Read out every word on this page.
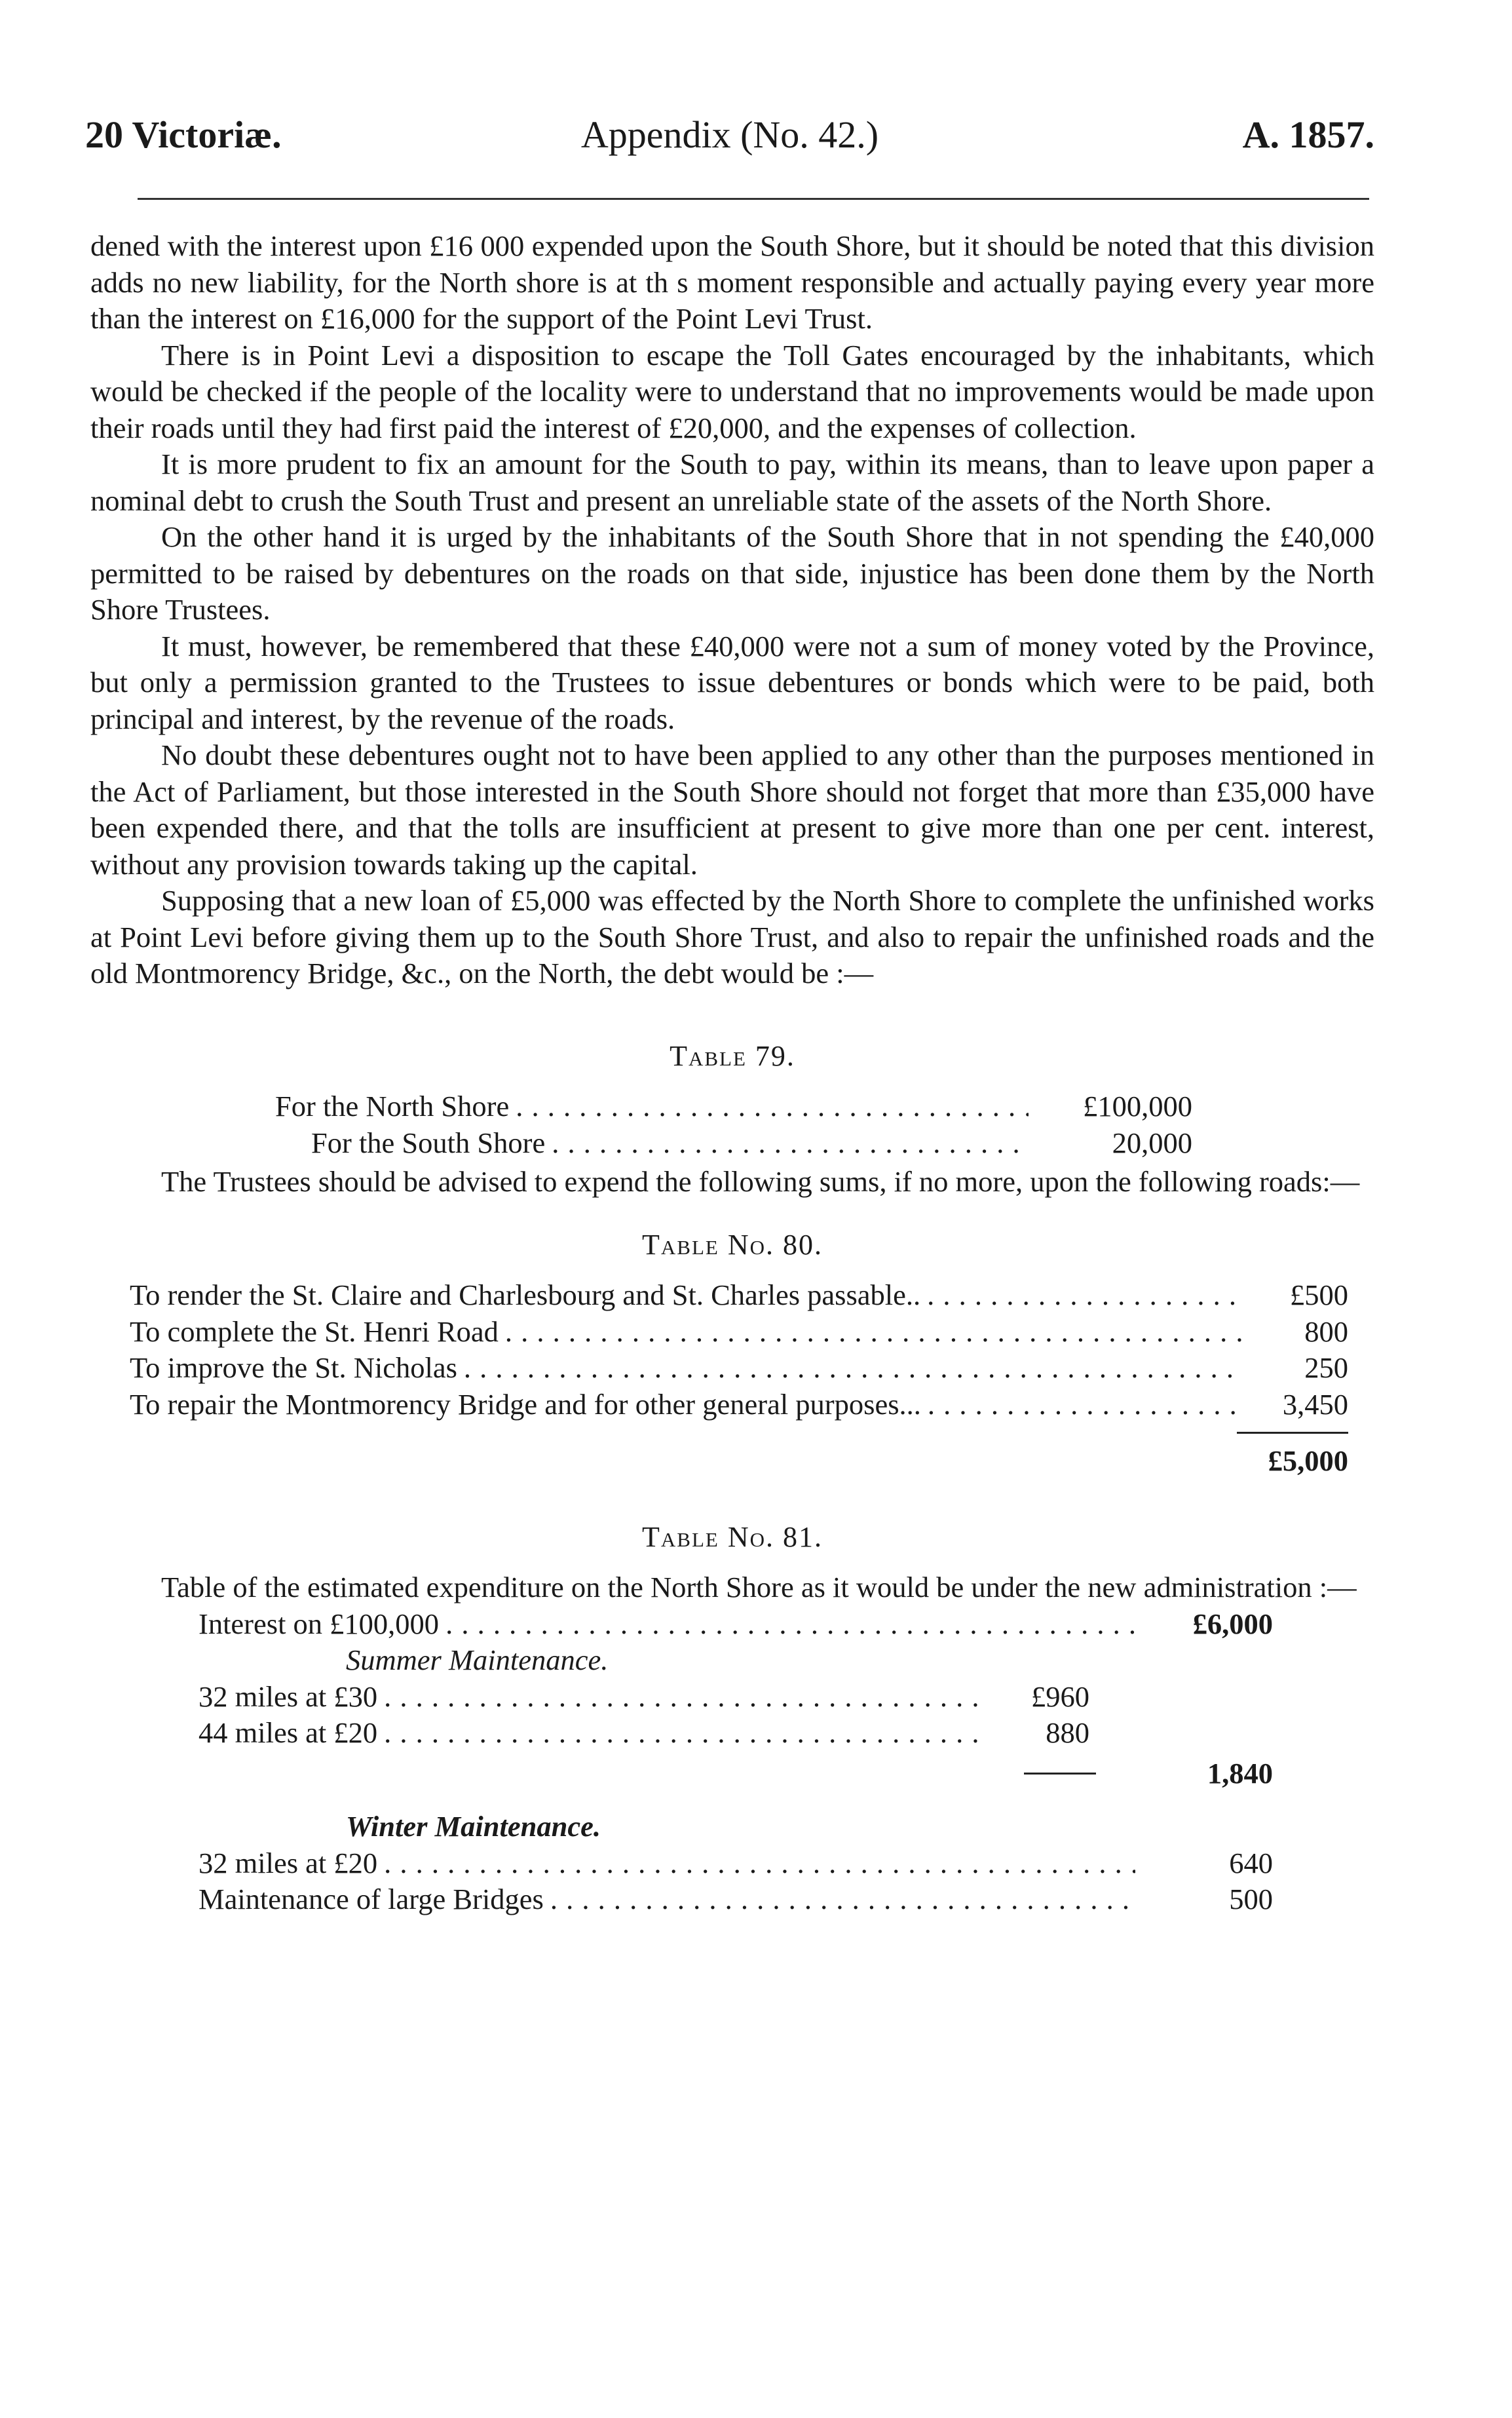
20 Victoriæ.	Appendix (No. 42.)	A. 1857.

dened with the interest upon £16 000 expended upon the South Shore, but it should be noted that this division adds no new liability, for the North shore is at th s moment responsible and actually paying every year more than the interest on £16,000 for the support of the Point Levi Trust.

There is in Point Levi a disposition to escape the Toll Gates encouraged by the inhabitants, which would be checked if the people of the locality were to understand that no improvements would be made upon their roads until they had first paid the interest of £20,000, and the expenses of collection.

It is more prudent to fix an amount for the South to pay, within its means, than to leave upon paper a nominal debt to crush the South Trust and present an unreliable state of the assets of the North Shore.

On the other hand it is urged by the inhabitants of the South Shore that in not spending the £40,000 permitted to be raised by debentures on the roads on that side, injustice has been done them by the North Shore Trustees.

It must, however, be remembered that these £40,000 were not a sum of money voted by the Province, but only a permission granted to the Trustees to issue debentures or bonds which were to be paid, both principal and interest, by the revenue of the roads.

No doubt these debentures ought not to have been applied to any other than the purposes mentioned in the Act of Parliament, but those interested in the South Shore should not forget that more than £35,000 have been expended there, and that the tolls are insufficient at present to give more than one per cent. interest, without any provision towards taking up the capital.

Supposing that a new loan of £5,000 was effected by the North Shore to complete the unfinished works at Point Levi before giving them up to the South Shore Trust, and also to repair the unfinished roads and the old Montmorency Bridge, &c., on the North, the debt would be :—

Table 79.

For the North Shore . . .	£100,000
For the South Shore . . .	20,000

The Trustees should be advised to expend the following sums, if no more, upon the following roads:—

Table No. 80.

To render the St. Claire and Charlesbourg and St. Charles passable.. . . .	£500
To complete the St. Henri Road . . .	800
To improve the St. Nicholas . . .	250
To repair the Montmorency Bridge and for other general purposes... . . .	3,450
£5,000

Table No. 81.

Table of the estimated expenditure on the North Shore as it would be under the new administration :—

Interest on £100,000 . . .	£6,000
Summer Maintenance.
32 miles at £30 . . .	£960
44 miles at £20 . . .	880
1,840
Winter Maintenance.
32 miles at £20 . . .	640
Maintenance of large Bridges . . .	500
